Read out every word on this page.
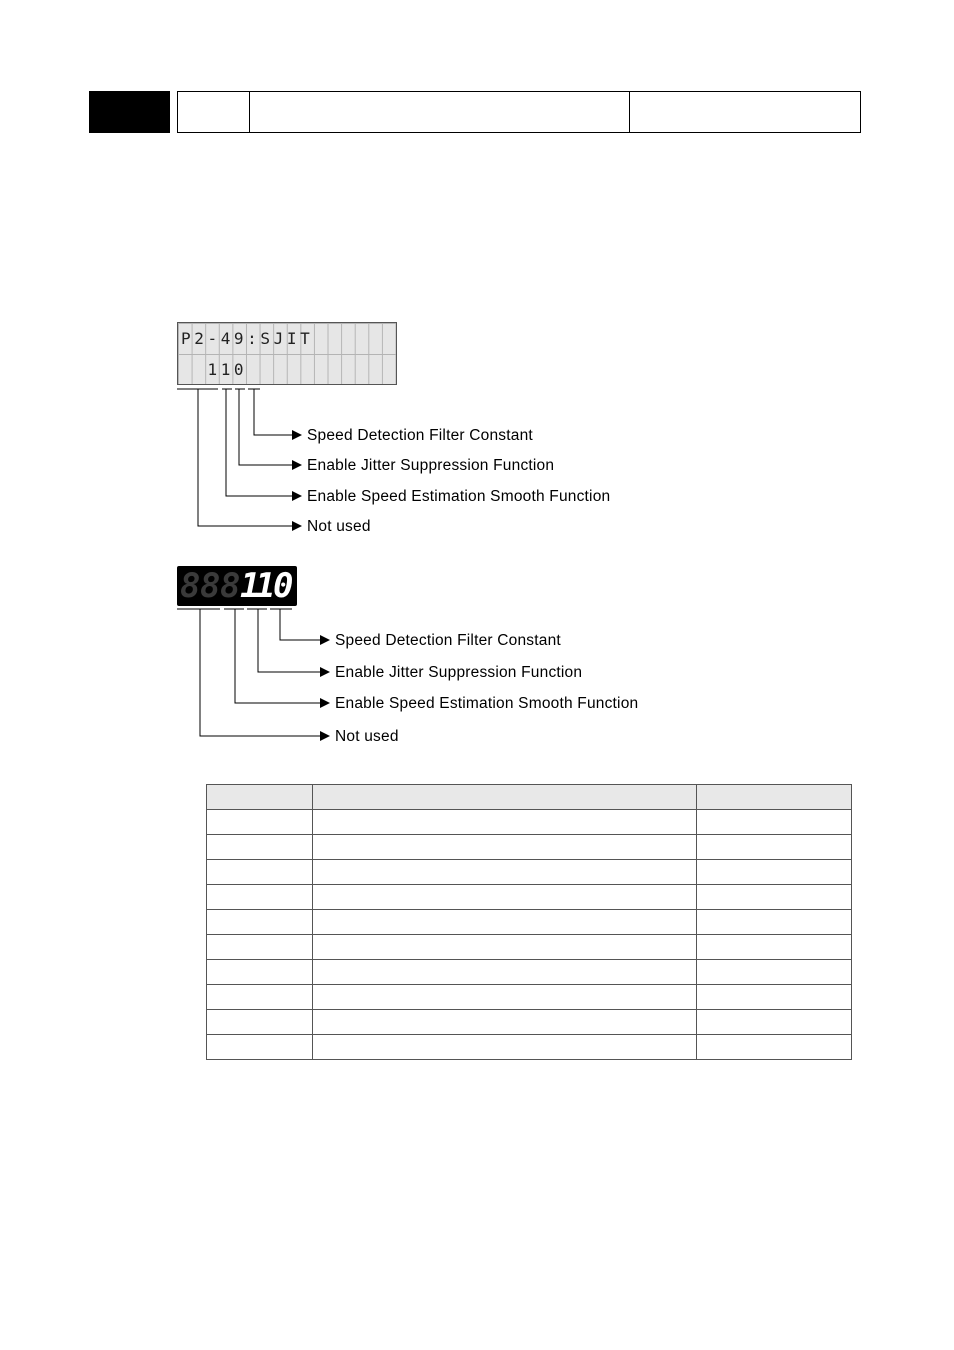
P2-49:SJIT
110
8 8 8 1
1
0
Speed Detection Filter Constant
Enable Jitter Suppression Function
Enable Speed Estimation Smooth Function
Not used
Speed Detection Filter Constant
Enable Jitter Suppression Function
Enable Speed Estimation Smooth Function
Not used
